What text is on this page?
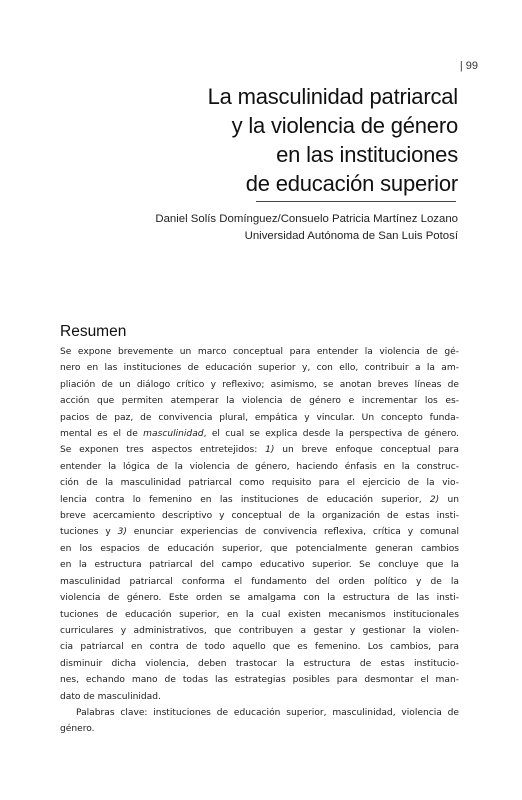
| 99
La masculinidad patriarcal
y la violencia de género
en las instituciones
de educación superior
Daniel Solís Domínguez/Consuelo Patricia Martínez Lozano
Universidad Autónoma de San Luis Potosí
Resumen
Se expone brevemente un marco conceptual para entender la violencia de gé-
nero en las instituciones de educación superior y, con ello, contribuir a la am-
pliación de un diálogo crítico y reflexivo; asimismo, se anotan breves líneas de
acción que permiten atemperar la violencia de género e incrementar los es-
pacios de paz, de convivencia plural, empática y vincular. Un concepto funda-
mental es el de masculinidad, el cual se explica desde la perspectiva de género.
Se exponen tres aspectos entretejidos: 1) un breve enfoque conceptual para
entender la lógica de la violencia de género, haciendo énfasis en la construc-
ción de la masculinidad patriarcal como requisito para el ejercicio de la vio-
lencia contra lo femenino en las instituciones de educación superior, 2) un
breve acercamiento descriptivo y conceptual de la organización de estas insti-
tuciones y 3) enunciar experiencias de convivencia reflexiva, crítica y comunal
en los espacios de educación superior, que potencialmente generan cambios
en la estructura patriarcal del campo educativo superior. Se concluye que la
masculinidad patriarcal conforma el fundamento del orden político y de la
violencia de género. Este orden se amalgama con la estructura de las insti-
tuciones de educación superior, en la cual existen mecanismos institucionales
curriculares y administrativos, que contribuyen a gestar y gestionar la violen-
cia patriarcal en contra de todo aquello que es femenino. Los cambios, para
disminuir dicha violencia, deben trastocar la estructura de estas institucio-
nes, echando mano de todas las estrategias posibles para desmontar el man-
dato de masculinidad.
Palabras clave: instituciones de educación superior, masculinidad, violencia de
género.
